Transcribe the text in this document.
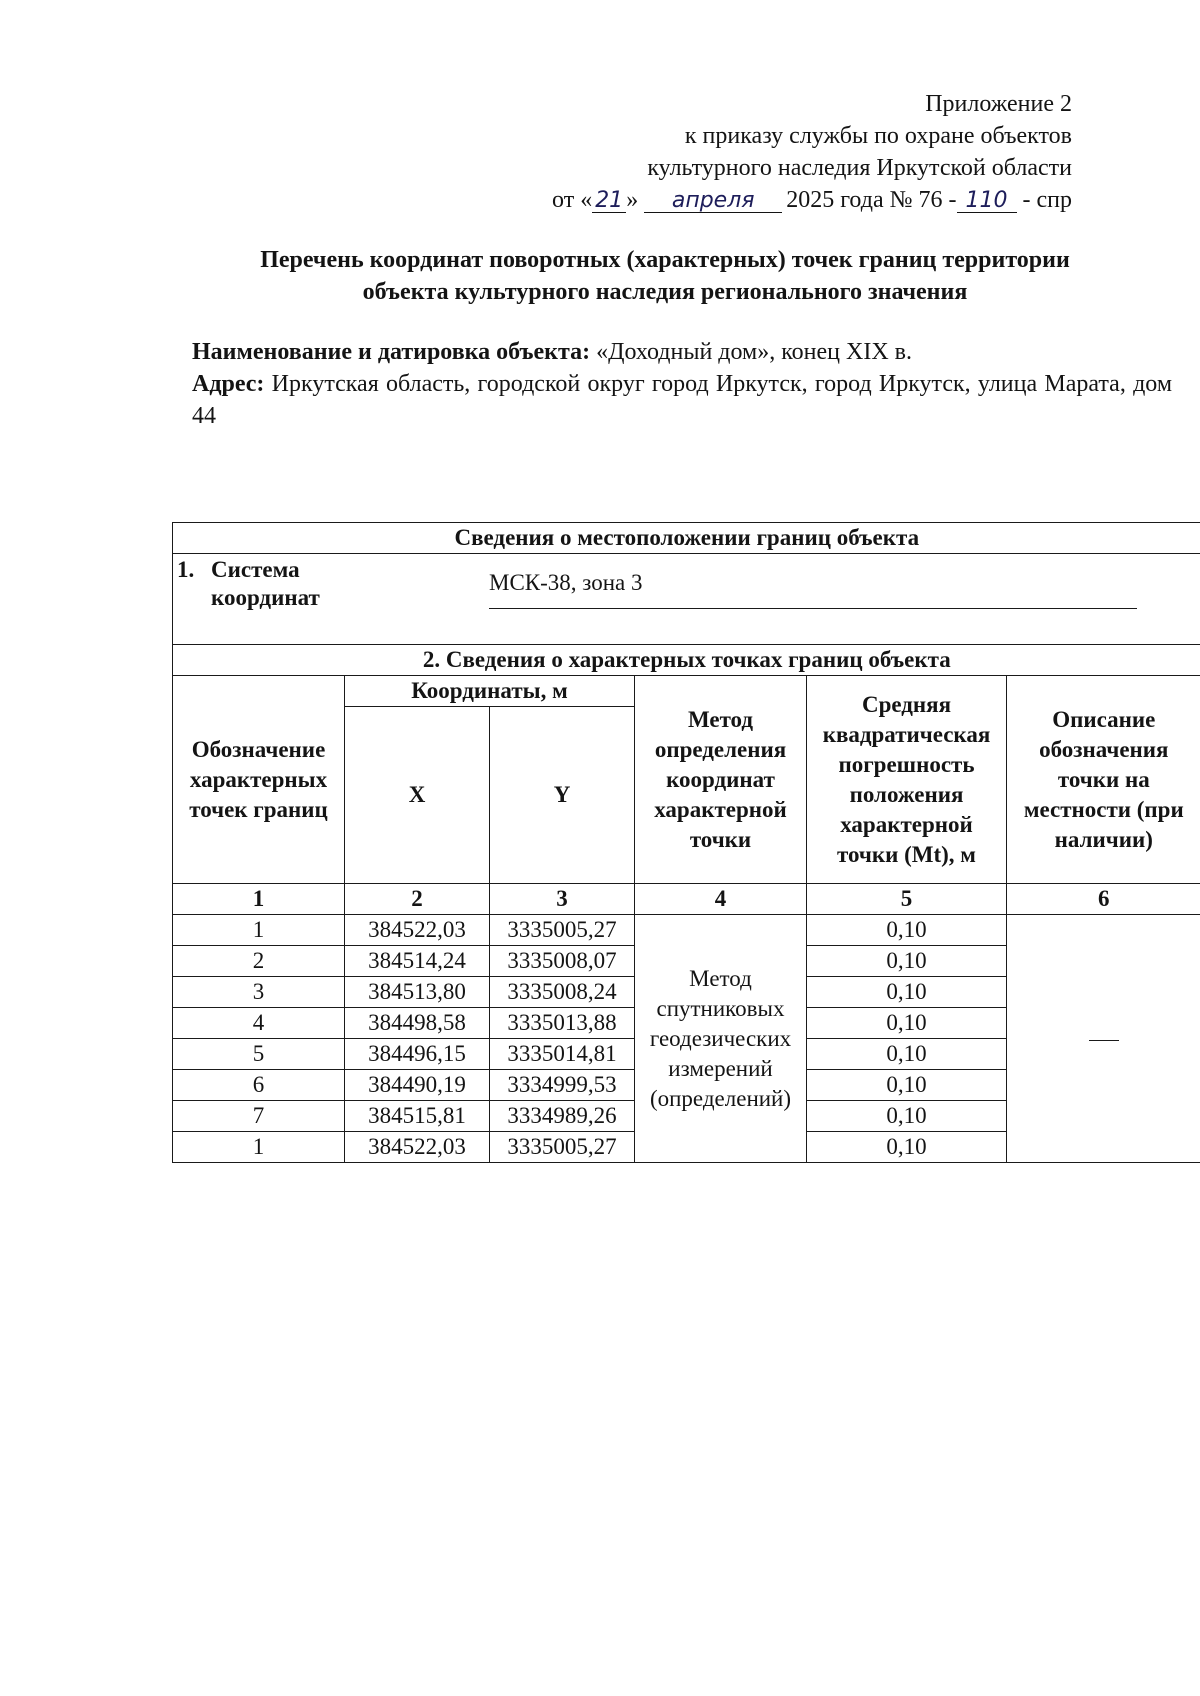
Приложение 2
к приказу службы по охране объектов
культурного наследия Иркутской области
от « 21 » апреля 2025 года № 76 - 110 - спр
Перечень координат поворотных (характерных) точек границ территории
объекта культурного наследия регионального значения
Наименование и датировка объекта: «Доходный дом», конец XIX в.
Адрес: Иркутская область, городской округ город Иркутск, город Иркутск, улица Марата, дом 44
Сведения о местоположении границ объекта					

1. Система
координат
МСК-38, зона 3					

2. Сведения о характерных точках границ объекта					
Обозначение характерных точек границ	Координаты, м		Метод определения координат характерной точки	Средняя квадратическая погрешность положения характерной точки (Mt), м	Описание обозначения точки на местности (при наличии)
	X	Y			
1	2	3	4	5	6
1	384522,03	3335005,27	Метод спутниковых геодезических измерений (определений)	0,10	
2	384514,24	3335008,07		0,10	
3	384513,80	3335008,24		0,10	
4	384498,58	3335013,88		0,10	
5	384496,15	3335014,81		0,10	
6	384490,19	3334999,53		0,10	
7	384515,81	3334989,26		0,10	
1	384522,03	3335005,27		0,10	
